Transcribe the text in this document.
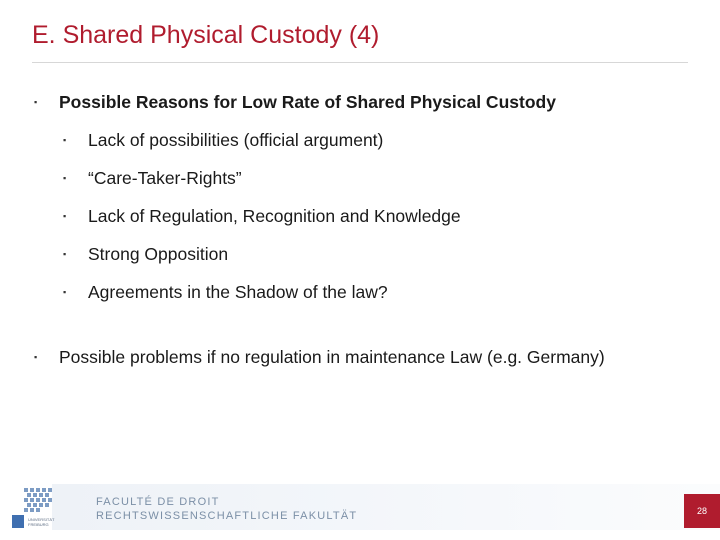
E. Shared Physical Custody (4)
▪ Possible Reasons for Low Rate of Shared Physical Custody
▪ Lack of possibilities (official argument)
▪ “Care-Taker-Rights”
▪ Lack of Regulation, Recognition and Knowledge
▪ Strong Opposition
▪ Agreements in the Shadow of the law?
▪ Possible problems if no regulation in maintenance Law (e.g. Germany)
UNIVERSITÄT
FREIBURG
FACULTÉ DE DROIT
RECHTSWISSENSCHAFTLICHE FAKULTÄT	28
